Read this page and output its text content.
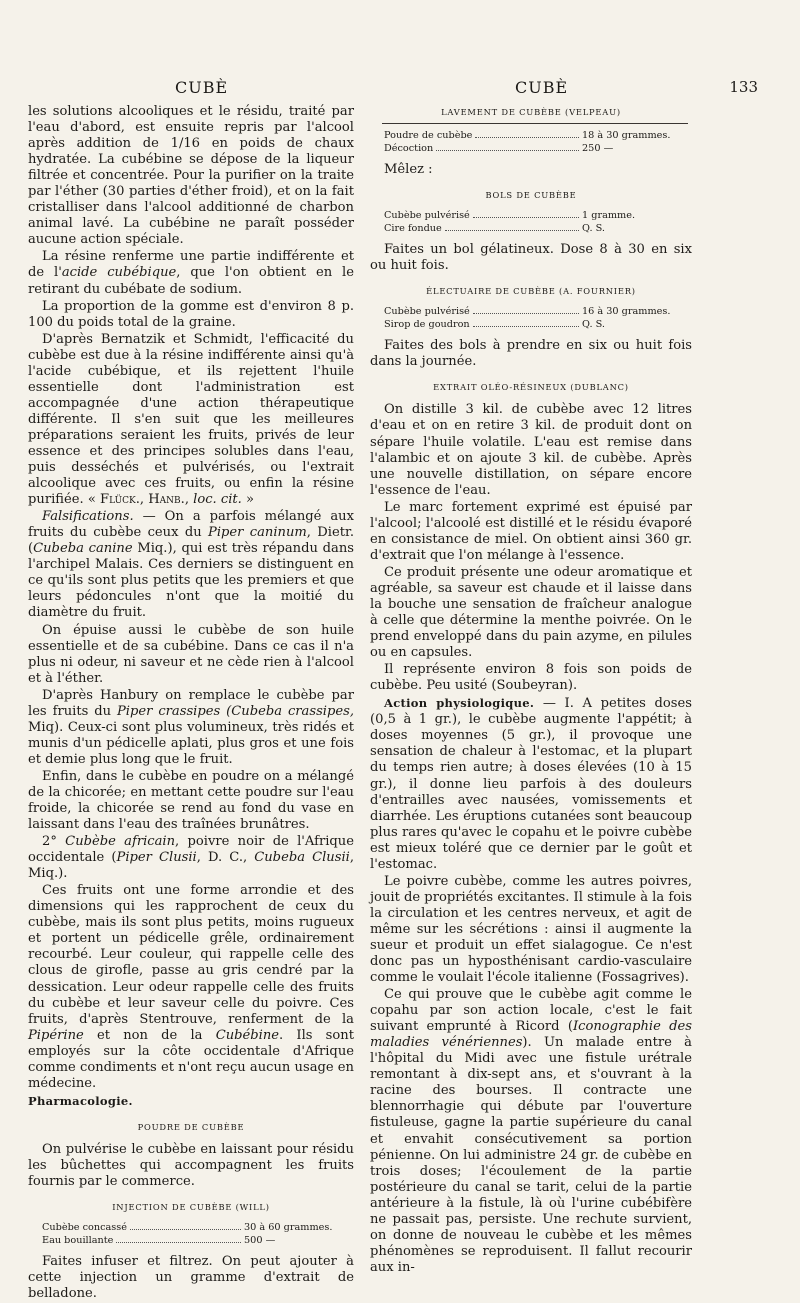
CUBÈ	CUBÈ	133

les solutions alcooliques et le résidu, traité par l'eau d'abord, est ensuite repris par l'alcool après addition de 1/16 en poids de chaux hydratée. La cubébine se dépose de la liqueur filtrée et concentrée. Pour la purifier on la traite par l'éther (30 parties d'éther froid), et on la fait cristalliser dans l'alcool additionné de charbon animal lavé. La cubébine ne paraît posséder aucune action spéciale.

La résine renferme une partie indifférente et de l'acide cubébique, que l'on obtient en le retirant du cubébate de sodium.

La proportion de la gomme est d'environ 8 p. 100 du poids total de la graine.

D'après Bernatzik et Schmidt, l'efficacité du cubèbe est due à la résine indifférente ainsi qu'à l'acide cubébique, et ils rejettent l'huile essentielle dont l'administration est accompagnée d'une action thérapeutique différente. Il s'en suit que les meilleures préparations seraient les fruits, privés de leur essence et des principes solubles dans l'eau, puis desséchés et pulvérisés, ou l'extrait alcoolique avec ces fruits, ou enfin la résine purifiée. « Flück., Hanb., loc. cit. »

Falsifications. — On a parfois mélangé aux fruits du cubèbe ceux du Piper caninum, Dietr. (Cubeba canine Miq.), qui est très répandu dans l'archipel Malais. Ces derniers se distinguent en ce qu'ils sont plus petits que les premiers et que leurs pédoncules n'ont que la moitié du diamètre du fruit.

On épuise aussi le cubèbe de son huile essentielle et de sa cubébine. Dans ce cas il n'a plus ni odeur, ni saveur et ne cède rien à l'alcool et à l'éther.

D'après Hanbury on remplace le cubèbe par les fruits du Piper crassipes (Cubeba crassipes, Miq). Ceux-ci sont plus volumineux, très ridés et munis d'un pédicelle aplati, plus gros et une fois et demie plus long que le fruit.

Enfin, dans le cubèbe en poudre on a mélangé de la chicorée; en mettant cette poudre sur l'eau froide, la chicorée se rend au fond du vase en laissant dans l'eau des traînées brunâtres.

2° Cubèbe africain, poivre noir de l'Afrique occidentale (Piper Clusii, D. C., Cubeba Clusii, Miq.).

Ces fruits ont une forme arrondie et des dimensions qui les rapprochent de ceux du cubèbe, mais ils sont plus petits, moins rugueux et portent un pédicelle grêle, ordinairement recourbé. Leur couleur, qui rappelle celle des clous de girofle, passe au gris cendré par la dessication. Leur odeur rappelle celle des fruits du cubèbe et leur saveur celle du poivre. Ces fruits, d'après Stentrouve, renferment de la Pipérine et non de la Cubébine. Ils sont employés sur la côte occidentale d'Afrique comme condiments et n'ont reçu aucun usage en médecine.

Pharmacologie.

POUDRE DE CUBÈBE

On pulvérise le cubèbe en laissant pour résidu les bûchettes qui accompagnent les fruits fournis par le commerce.

INJECTION DE CUBÈBE (WILL)
Cubèbe concassé	30 à 60 grammes.
Eau bouillante	500 —

Faites infuser et filtrez. On peut ajouter à cette injection un gramme d'extrait de belladone.

LAVEMENT DE CUBÈBE (VELPEAU)
Poudre de cubèbe	18 à 30 grammes.
Décoction	250 —

Mêlez :

BOLS DE CUBÈBE
Cubèbe pulvérisé	1 gramme.
Cire fondue	Q. S.

Faites un bol gélatineux. Dose 8 à 30 en six ou huit fois.

ÉLECTUAIRE DE CUBÈBE (A. FOURNIER)
Cubèbe pulvérisé	16 à 30 grammes.
Sirop de goudron	Q. S.

Faites des bols à prendre en six ou huit fois dans la journée.

EXTRAIT OLÉO-RÉSINEUX (DUBLANC)

On distille 3 kil. de cubèbe avec 12 litres d'eau et on en retire 3 kil. de produit dont on sépare l'huile volatile. L'eau est remise dans l'alambic et on ajoute 3 kil. de cubèbe. Après une nouvelle distillation, on sépare encore l'essence de l'eau.

Le marc fortement exprimé est épuisé par l'alcool; l'alcoolé est distillé et le résidu évaporé en consistance de miel. On obtient ainsi 360 gr. d'extrait que l'on mélange à l'essence.

Ce produit présente une odeur aromatique et agréable, sa saveur est chaude et il laisse dans la bouche une sensation de fraîcheur analogue à celle que détermine la menthe poivrée. On le prend enveloppé dans du pain azyme, en pilules ou en capsules.

Il représente environ 8 fois son poids de cubèbe. Peu usité (Soubeyran).

Action physiologique. — I. A petites doses (0,5 à 1 gr.), le cubèbe augmente l'appétit; à doses moyennes (5 gr.), il provoque une sensation de chaleur à l'estomac, et la plupart du temps rien autre; à doses élevées (10 à 15 gr.), il donne lieu parfois à des douleurs d'entrailles avec nausées, vomissements et diarrhée. Les éruptions cutanées sont beaucoup plus rares qu'avec le copahu et le poivre cubèbe est mieux toléré que ce dernier par le goût et l'estomac.

Le poivre cubèbe, comme les autres poivres, jouit de propriétés excitantes. Il stimule à la fois la circulation et les centres nerveux, et agit de même sur les sécrétions : ainsi il augmente la sueur et produit un effet sialagogue. Ce n'est donc pas un hyposthénisant cardio-vasculaire comme le voulait l'école italienne (Fossagrives).

Ce qui prouve que le cubèbe agit comme le copahu par son action locale, c'est le fait suivant emprunté à Ricord (Iconographie des maladies vénériennes). Un malade entre à l'hôpital du Midi avec une fistule urétrale remontant à dix-sept ans, et s'ouvrant à la racine des bourses. Il contracte une blennorrhagie qui débute par l'ouverture fistuleuse, gagne la partie supérieure du canal et envahit consécutivement sa portion pénienne. On lui administre 24 gr. de cubèbe en trois doses; l'écoulement de la partie postérieure du canal se tarit, celui de la partie antérieure à la fistule, là où l'urine cubébifère ne passait pas, persiste. Une rechute survient, on donne de nouveau le cubèbe et les mêmes phénomènes se reproduisent. Il fallut recourir aux in-
